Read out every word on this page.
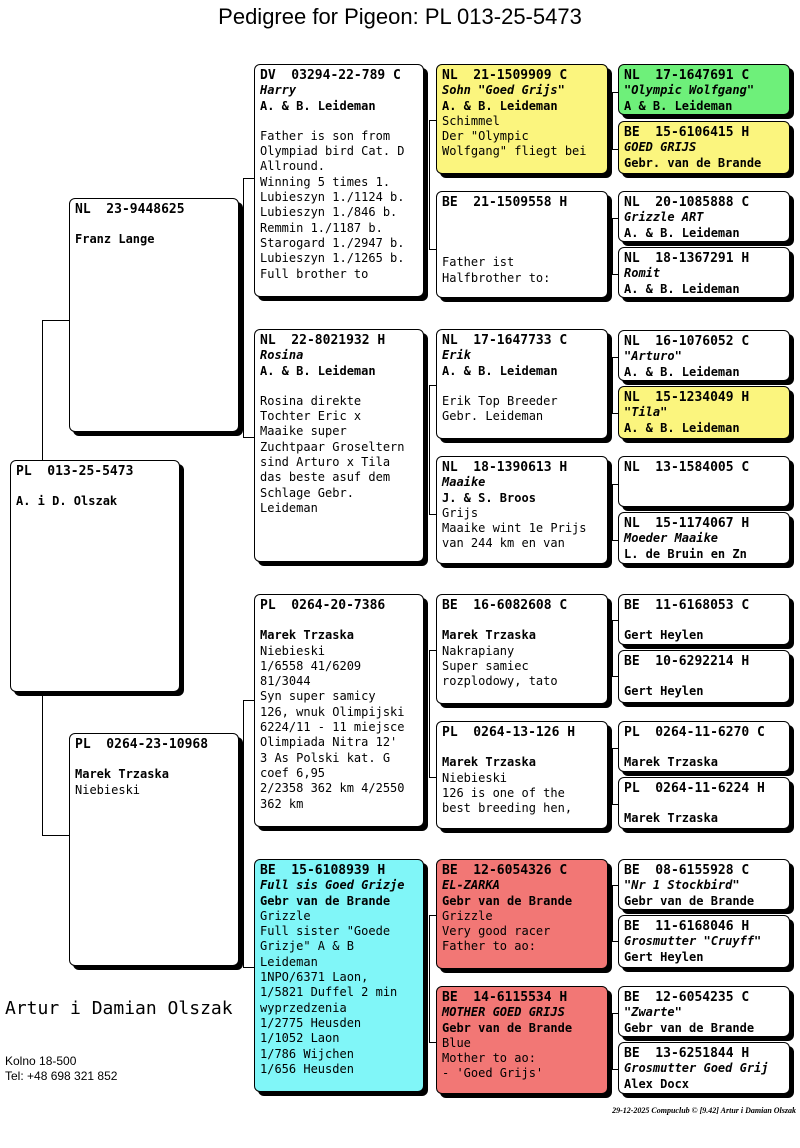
Pedigree for Pigeon: PL 013-25-5473
PL  013-25-5473
A. i D. Olszak
NL  23-9448625
Franz Lange
PL  0264-23-10968
Marek Trzaska
Niebieski
DV  03294-22-789 C
Harry
A. & B. Leideman
Father is son from
Olympiad bird Cat. D
Allround.
Winning 5 times 1.
Lubieszyn 1./1124 b.
Lubieszyn 1./846 b.
Remmin 1./1187 b.
Starogard 1./2947 b.
Lubieszyn 1./1265 b.
Full brother to
NL  22-8021932 H
Rosina
A. & B. Leideman
Rosina direkte
Tochter Eric x
Maaike super
Zuchtpaar Groseltern
sind Arturo x Tila
das beste asuf dem
Schlage Gebr.
Leideman
PL  0264-20-7386
Marek Trzaska
Niebieski
1/6558 41/6209
81/3044
Syn super samicy
126, wnuk Olimpijski
6224/11 - 11 miejsce
Olimpiada Nitra 12'
3 As Polski kat. G
coef 6,95
2/2358 362 km 4/2550
362 km
BE  15-6108939 H
Full sis Goed Grizje
Gebr van de Brande
Grizzle
Full sister "Goede
Grizje" A & B
Leideman
1NPO/6371 Laon,
1/5821 Duffel 2 min
wyprzedzenia
1/2775 Heusden
1/1052 Laon
1/786 Wijchen
1/656 Heusden
NL  21-1509909 C
Sohn "Goed Grijs"
A. & B. Leideman
Schimmel
Der "Olympic
Wolfgang" fliegt bei
BE  21-1509558 H
Father ist
Halfbrother to:
NL  17-1647733 C
Erik
A. & B. Leideman
Erik Top Breeder
Gebr. Leideman
NL  18-1390613 H
Maaike
J. & S. Broos
Grijs
Maaike wint 1e Prijs
van 244 km en van
BE  16-6082608 C
Marek Trzaska
Nakrapiany
Super samiec
rozplodowy, tato
PL  0264-13-126 H
Marek Trzaska
Niebieski
126 is one of the
best breeding hen,
BE  12-6054326 C
EL-ZARKA
Gebr van de Brande
Grizzle
Very good racer
Father to ao:
BE  14-6115534 H
MOTHER GOED GRIJS
Gebr van de Brande
Blue
Mother to ao:
- 'Goed Grijs'
NL  17-1647691 C
"Olympic Wolfgang"
A & B. Leideman
BE  15-6106415 H
GOED GRIJS
Gebr. van de Brande
NL  20-1085888 C
Grizzle ART
A. & B. Leideman
NL  18-1367291 H
Romit
A. & B. Leideman
NL  16-1076052 C
"Arturo"
A. & B. Leideman
NL  15-1234049 H
"Tila"
A. & B. Leideman
NL  13-1584005 C
NL  15-1174067 H
Moeder Maaike
L. de Bruin en Zn
BE  11-6168053 C
Gert Heylen
BE  10-6292214 H
Gert Heylen
PL  0264-11-6270 C
Marek Trzaska
PL  0264-11-6224 H
Marek Trzaska
BE  08-6155928 C
"Nr 1 Stockbird"
Gebr van de Brande
BE  11-6168046 H
Grosmutter "Cruyff"
Gert Heylen
BE  12-6054235 C
"Zwarte"
Gebr van de Brande
BE  13-6251844 H
Grosmutter Goed Grij
Alex Docx
Artur i Damian Olszak
Kolno 18-500
Tel: +48 698 321 852
29-12-2025 Compuclub © [9.42] Artur i Damian Olszak
